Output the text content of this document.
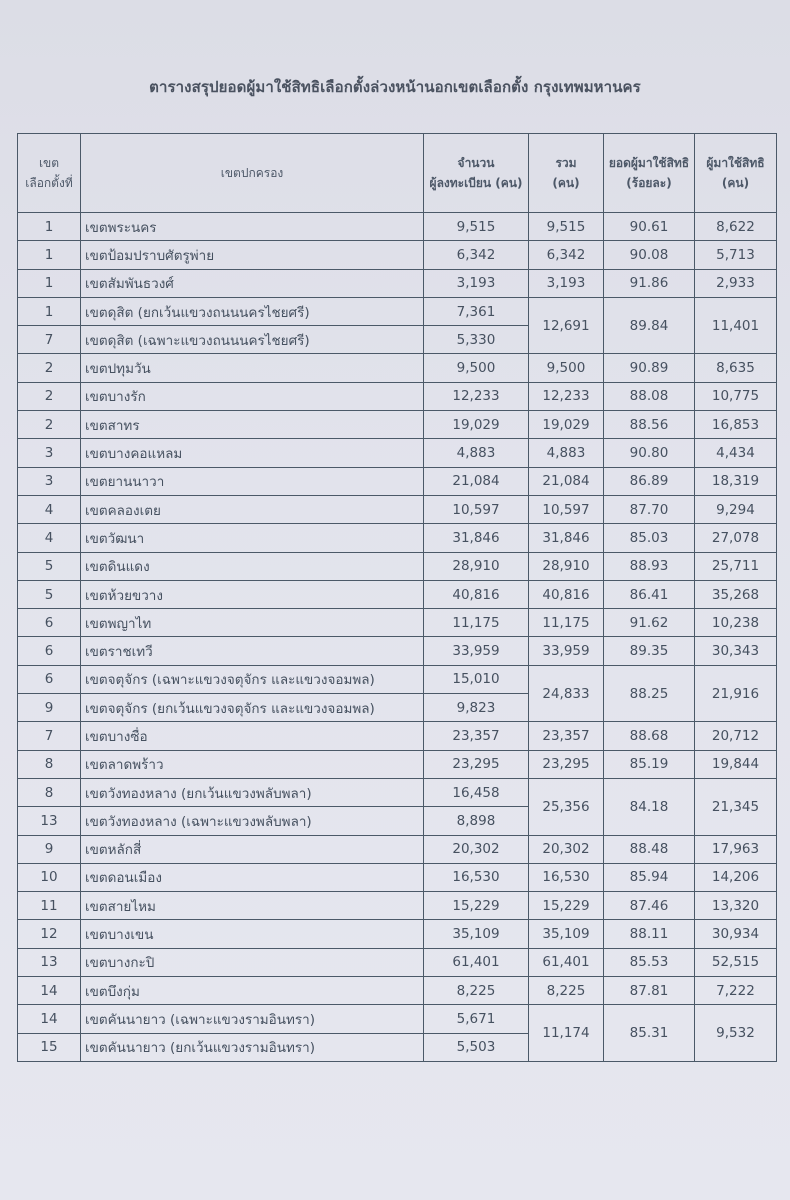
ตารางสรุปยอดผู้มาใช้สิทธิเลือกตั้งล่วงหน้านอกเขตเลือกตั้ง กรุงเทพมหานคร
เขต
เลือกตั้งที่
	เขตปกครอง	
จำนวน
ผู้ลงทะเบียน (คน)

รวม
(คน)

ยอดผู้มาใช้สิทธิ
(ร้อยละ)

ผู้มาใช้สิทธิ
(คน)

1	เขตพระนคร	9,515	9,515	90.61	8,622
1	เขตป้อมปราบศัตรูพ่าย	6,342	6,342	90.08	5,713
1	เขตสัมพันธวงศ์	3,193	3,193	91.86	2,933
1	เขตดุสิต (ยกเว้นแขวงถนนนครไชยศรี)	7,361	12,691	89.84	11,401
7	เขตดุสิต (เฉพาะแขวงถนนนครไชยศรี)	5,330			
2	เขตปทุมวัน	9,500	9,500	90.89	8,635
2	เขตบางรัก	12,233	12,233	88.08	10,775
2	เขตสาทร	19,029	19,029	88.56	16,853
3	เขตบางคอแหลม	4,883	4,883	90.80	4,434
3	เขตยานนาวา	21,084	21,084	86.89	18,319
4	เขตคลองเตย	10,597	10,597	87.70	9,294
4	เขตวัฒนา	31,846	31,846	85.03	27,078
5	เขตดินแดง	28,910	28,910	88.93	25,711
5	เขตห้วยขวาง	40,816	40,816	86.41	35,268
6	เขตพญาไท	11,175	11,175	91.62	10,238
6	เขตราชเทวี	33,959	33,959	89.35	30,343
6	เขตจตุจักร (เฉพาะแขวงจตุจักร และแขวงจอมพล)	15,010	24,833	88.25	21,916
9	เขตจตุจักร (ยกเว้นแขวงจตุจักร และแขวงจอมพล)	9,823			
7	เขตบางซื่อ	23,357	23,357	88.68	20,712
8	เขตลาดพร้าว	23,295	23,295	85.19	19,844
8	เขตวังทองหลาง (ยกเว้นแขวงพลับพลา)	16,458	25,356	84.18	21,345
13	เขตวังทองหลาง (เฉพาะแขวงพลับพลา)	8,898			
9	เขตหลักสี่	20,302	20,302	88.48	17,963
10	เขตดอนเมือง	16,530	16,530	85.94	14,206
11	เขตสายไหม	15,229	15,229	87.46	13,320
12	เขตบางเขน	35,109	35,109	88.11	30,934
13	เขตบางกะปิ	61,401	61,401	85.53	52,515
14	เขตบึงกุ่ม	8,225	8,225	87.81	7,222
14	เขตคันนายาว (เฉพาะแขวงรามอินทรา)	5,671	11,174	85.31	9,532
15	เขตคันนายาว (ยกเว้นแขวงรามอินทรา)	5,503			
